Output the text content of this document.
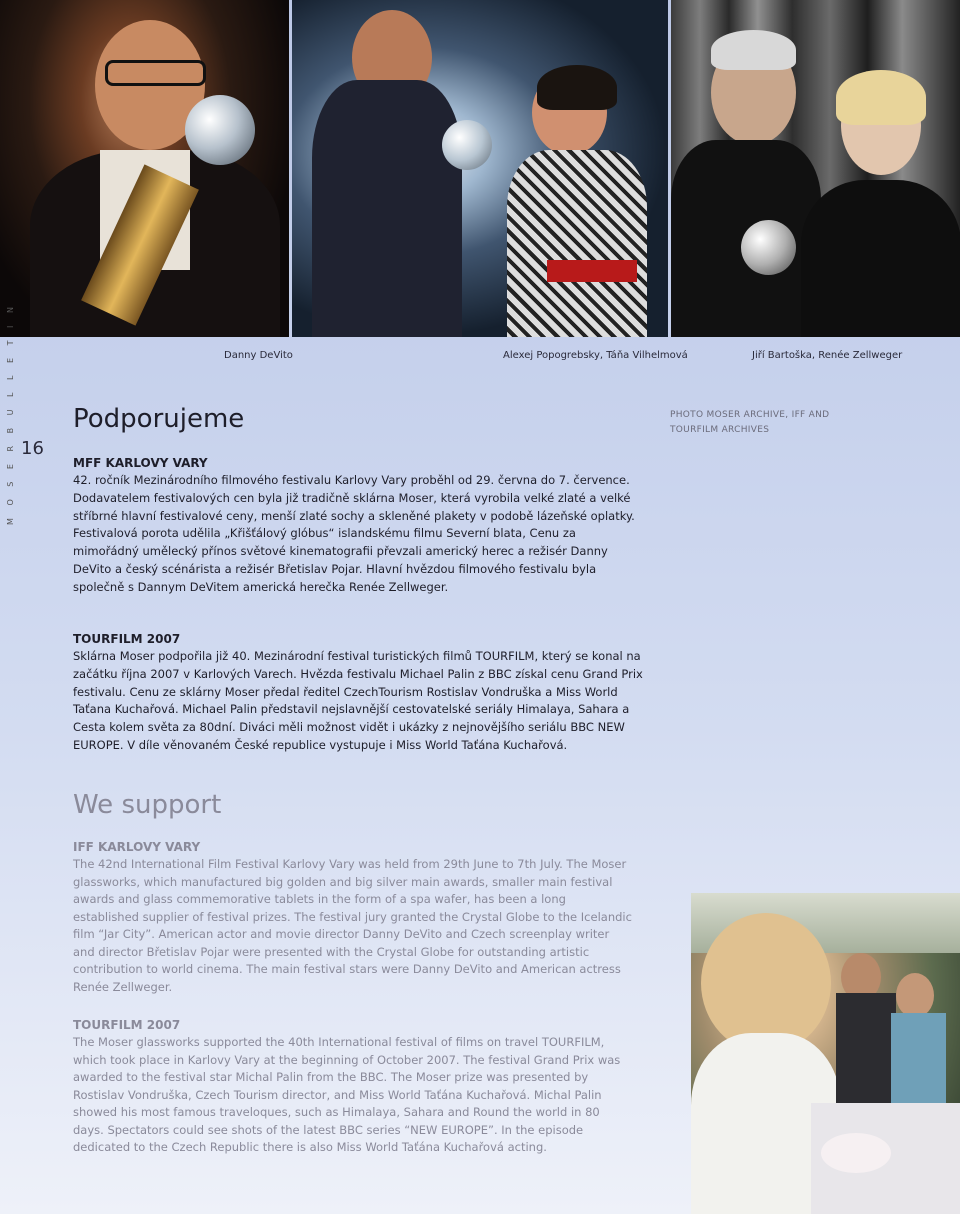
Danny DeVito	Alexej Popogrebsky, Táňa Vilhelmová	Jiří Bartoška, Renée Zellweger
M O S E R B U L L E T I N 16
Podporujeme	PHOTO MOSER ARCHIVE, IFF AND TOURFILM ARCHIVES
MFF KARLOVY VARY

42. ročník Mezinárodního filmového festivalu Karlovy Vary proběhl od 29. června do 7. července. Dodavatelem festivalových cen byla již tradičně sklárna Moser, která vyrobila velké zlaté a velké stříbrné hlavní festivalové ceny, menší zlaté sochy a skleněné plakety v podobě lázeňské oplatky. Festivalová porota udělila „Křišťálový glóbus“ islandskému filmu Severní blata, Cenu za mimořádný umělecký přínos světové kinematografii převzali americký herec a režisér Danny DeVito a český scénárista a režisér Břetislav Pojar. Hlavní hvězdou filmového festivalu byla společně s Dannym DeVitem americká herečka Renée Zellweger.

TOURFILM 2007

Sklárna Moser podpořila již 40. Mezinárodní festival turistických filmů TOURFILM, který se konal na začátku října 2007 v Karlových Varech. Hvězda festivalu Michael Palin z BBC získal cenu Grand Prix festivalu. Cenu ze sklárny Moser předal ředitel CzechTourism Rostislav Vondruška a Miss World Taťana Kuchařová. Michael Palin představil nejslavnější cestovatelské seriály Himalaya, Sahara a Cesta kolem světa za 80dní. Diváci měli možnost vidět i ukázky z nejnovějšího seriálu BBC NEW EUROPE. V díle věnovaném České republice vystupuje i Miss World Taťána Kuchařová.

We support
IFF KARLOVY VARY

The 42nd International Film Festival Karlovy Vary was held from 29th June to 7th July. The Moser glassworks, which manufactured big golden and big silver main awards, smaller main festival awards and glass commemorative tablets in the form of a spa wafer, has been a long established supplier of festival prizes. The festival jury granted the Crystal Globe to the Icelandic film “Jar City”. American actor and movie director Danny DeVito and Czech screenplay writer and director Břetislav Pojar were presented with the Crystal Globe for outstanding artistic contribution to world cinema. The main festival stars were Danny DeVito and American actress Renée Zellweger.

TOURFILM 2007

The Moser glassworks supported the 40th International festival of films on travel TOURFILM, which took place in Karlovy Vary at the beginning of October 2007. The festival Grand Prix was awarded to the festival star Michal Palin from the BBC. The Moser prize was presented by Rostislav Vondruška, Czech Tourism director, and Miss World Taťána Kuchařová. Michal Palin showed his most famous traveloques, such as Himalaya, Sahara and Round the world in 80 days. Spectators could see shots of the latest BBC series “NEW EUROPE”. In the episode dedicated to the Czech Republic there is also Miss World Taťána Kuchařová acting.
